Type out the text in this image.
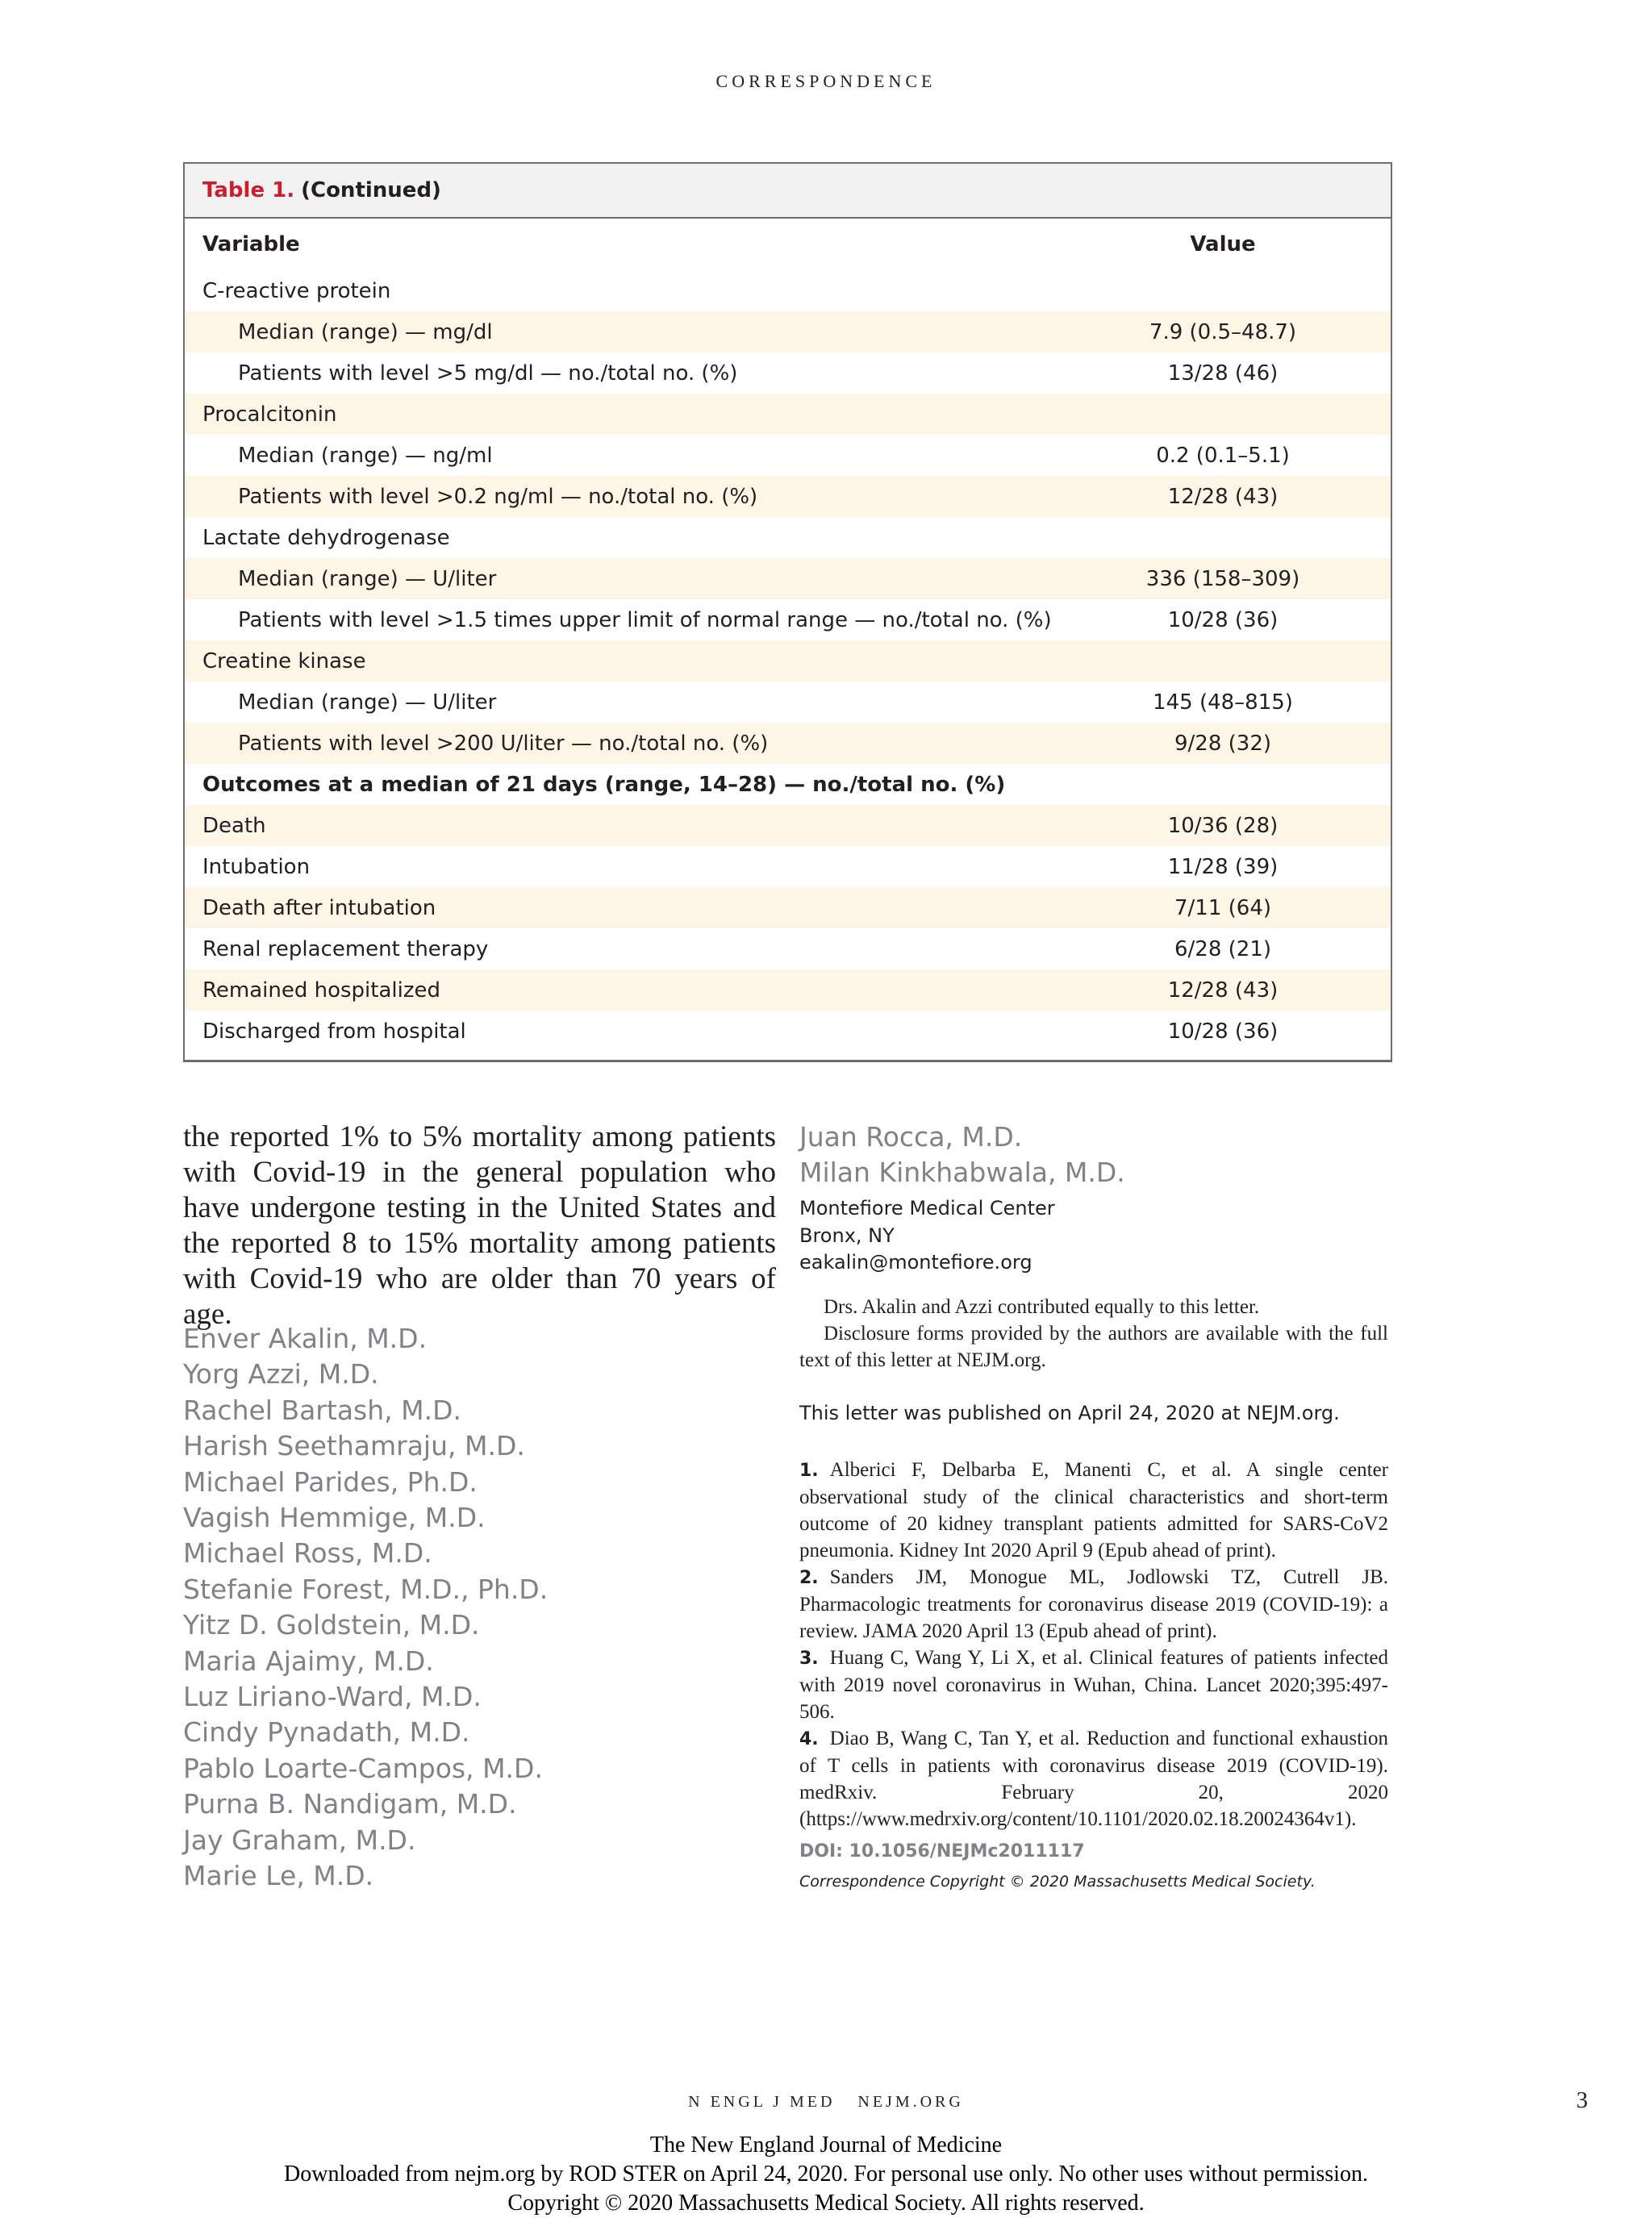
CORRESPONDENCE
Table 1. (Continued)
Variable	Value
C-reactive protein
Median (range) — mg/dl	7.9 (0.5–48.7)
Patients with level >5 mg/dl — no./total no. (%)	13/28 (46)
Procalcitonin
Median (range) — ng/ml	0.2 (0.1–5.1)
Patients with level >0.2 ng/ml — no./total no. (%)	12/28 (43)
Lactate dehydrogenase
Median (range) — U/liter	336 (158–309)
Patients with level >1.5 times upper limit of normal range — no./total no. (%)	10/28 (36)
Creatine kinase
Median (range) — U/liter	145 (48–815)
Patients with level >200 U/liter — no./total no. (%)	9/28 (32)
Outcomes at a median of 21 days (range, 14–28) — no./total no. (%)
Death	10/36 (28)
Intubation	11/28 (39)
Death after intubation	7/11 (64)
Renal replacement therapy	6/28 (21)
Remained hospitalized	12/28 (43)
Discharged from hospital	10/28 (36)

the reported 1% to 5% mortality among patients with Covid-19 in the general population who have undergone testing in the United States and the reported 8 to 15% mortality among patients with Covid-19 who are older than 70 years of age.

Enver Akalin, M.D.
Yorg Azzi, M.D.
Rachel Bartash, M.D.
Harish Seethamraju, M.D.
Michael Parides, Ph.D.
Vagish Hemmige, M.D.
Michael Ross, M.D.
Stefanie Forest, M.D., Ph.D.
Yitz D. Goldstein, M.D.
Maria Ajaimy, M.D.
Luz Liriano-Ward, M.D.
Cindy Pynadath, M.D.
Pablo Loarte-Campos, M.D.
Purna B. Nandigam, M.D.
Jay Graham, M.D.
Marie Le, M.D.
Juan Rocca, M.D.
Milan Kinkhabwala, M.D.
Montefiore Medical Center
Bronx, NY
eakalin@montefiore.org

Drs. Akalin and Azzi contributed equally to this letter.

Disclosure forms provided by the authors are available with the full text of this letter at NEJM.org.

This letter was published on April 24, 2020 at NEJM.org.

1. Alberici F, Delbarba E, Manenti C, et al. A single center observational study of the clinical characteristics and short-term outcome of 20 kidney transplant patients admitted for SARS-CoV2 pneumonia. Kidney Int 2020 April 9 (Epub ahead of print).

2. Sanders JM, Monogue ML, Jodlowski TZ, Cutrell JB. Pharmacologic treatments for coronavirus disease 2019 (COVID-19): a review. JAMA 2020 April 13 (Epub ahead of print).

3. Huang C, Wang Y, Li X, et al. Clinical features of patients infected with 2019 novel coronavirus in Wuhan, China. Lancet 2020;395:497-506.

4. Diao B, Wang C, Tan Y, et al. Reduction and functional exhaustion of T cells in patients with coronavirus disease 2019 (COVID-19). medRxiv. February 20, 2020 (https://www.medrxiv.org/content/10.1101/2020.02.18.20024364v1).

DOI: 10.1056/NEJMc2011117
Correspondence Copyright © 2020 Massachusetts Medical Society.
N ENGL J MED NEJM.ORG	3
The New England Journal of Medicine
Downloaded from nejm.org by ROD STER on April 24, 2020. For personal use only. No other uses without permission.
Copyright © 2020 Massachusetts Medical Society. All rights reserved.
